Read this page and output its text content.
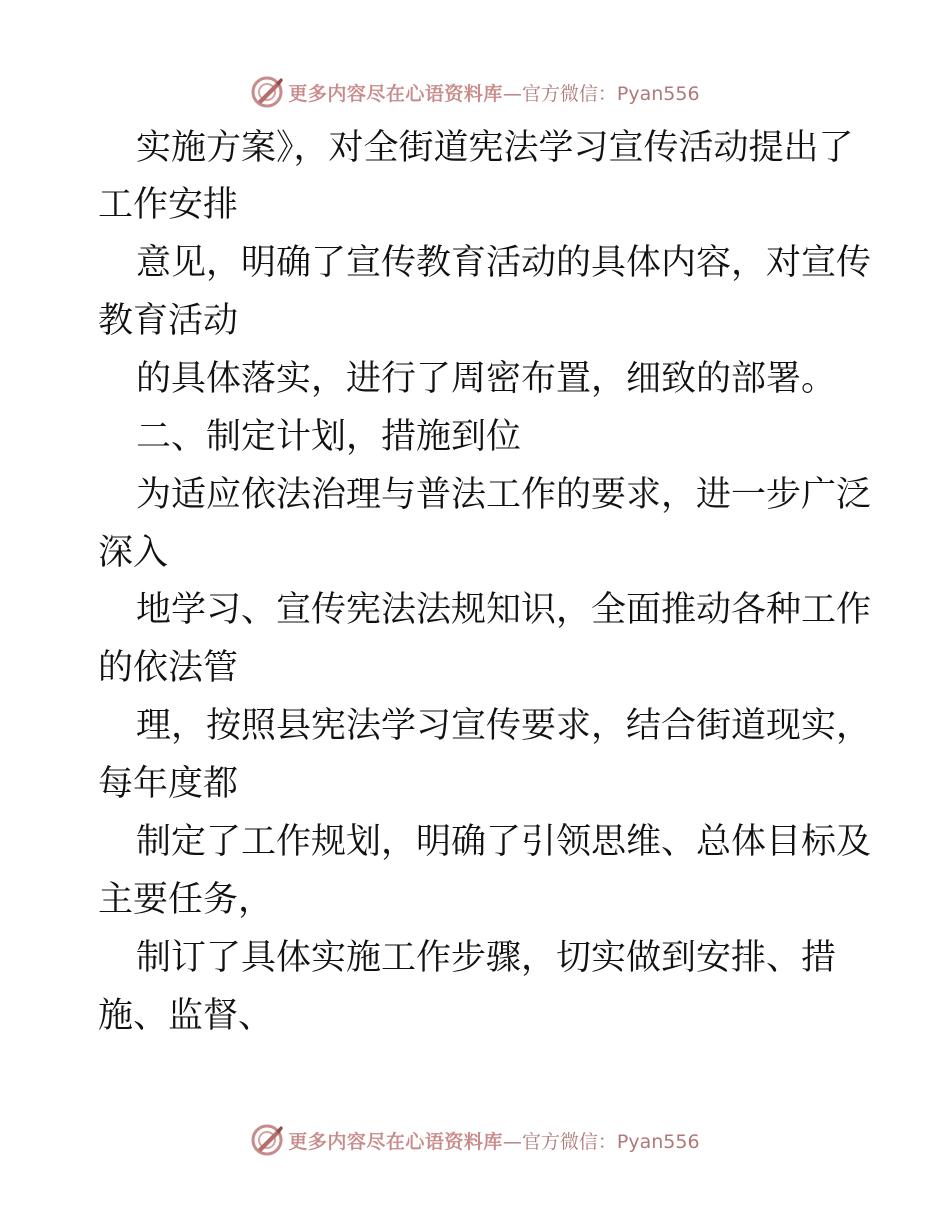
更多内容尽在心语资料库 —官方微信：Pyan556
实施方案》，对全街道宪法学习宣传活动提出了
工作安排
意见，明确了宣传教育活动的具体内容，对宣传
教育活动
的具体落实，进行了周密布置，细致的部署。
二、制定计划，措施到位
为适应依法治理与普法工作的要求，进一步广泛
深入
地学习、宣传宪法法规知识，全面推动各种工作
的依法管
理，按照县宪法学习宣传要求，结合街道现实，
每年度都
制定了工作规划，明确了引领思维、总体目标及
主要任务，
制订了具体实施工作步骤，切实做到安排、措
施、监督、
更多内容尽在心语资料库 —官方微信：Pyan556
